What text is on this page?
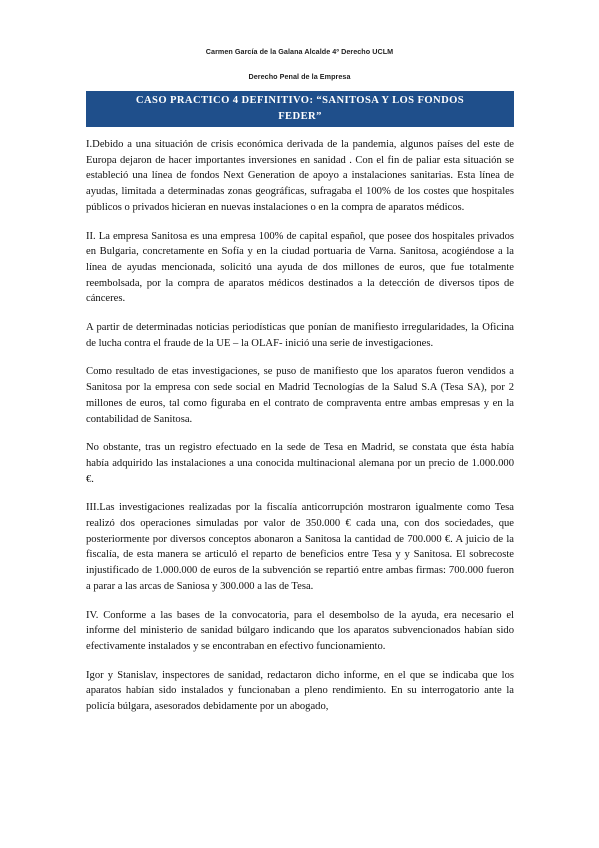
Carmen García de la Galana Alcalde 4º Derecho UCLM
Derecho Penal de la Empresa
CASO PRACTICO 4 DEFINITIVO: “SANITOSA Y LOS FONDOS
FEDER”

I.Debido a una situación de crisis económica derivada de la pandemia, algunos países del este de Europa dejaron de hacer importantes inversiones en sanidad . Con el fin de paliar esta situación se estableció una línea de fondos Next Generation de apoyo a instalaciones sanitarias. Esta línea de ayudas, limitada a determinadas zonas geográficas, sufragaba el 100% de los costes que hospitales públicos o privados hicieran en nuevas instalaciones o en la compra de aparatos médicos.

II. La empresa Sanitosa es una empresa 100% de capital español, que posee dos hospitales privados en Bulgaria, concretamente en Sofía y en la ciudad portuaria de Varna. Sanitosa, acogiéndose a la línea de ayudas mencionada, solicitó una ayuda de dos millones de euros, que fue totalmente reembolsada, por la compra de aparatos médicos destinados a la detección de diversos tipos de cánceres.

A partir de determinadas noticias periodísticas que ponían de manifiesto irregularidades, la Oficina de lucha contra el fraude de la UE – la OLAF- inició una serie de investigaciones.

Como resultado de etas investigaciones, se puso de manifiesto que los aparatos fueron vendidos a Sanitosa por la empresa con sede social en Madrid Tecnologías de la Salud S.A (Tesa SA), por 2 millones de euros, tal como figuraba en el contrato de compraventa entre ambas empresas y en la contabilidad de Sanitosa.

No obstante, tras un registro efectuado en la sede de Tesa en Madrid, se constata que ésta había había adquirido las instalaciones a una conocida multinacional alemana por un precio de 1.000.000 €.

III.Las investigaciones realizadas por la fiscalía anticorrupción mostraron igualmente como Tesa realizó dos operaciones simuladas por valor de 350.000 € cada una, con dos sociedades, que posteriormente por diversos conceptos abonaron a Sanitosa la cantidad de 700.000 €. A juicio de la fiscalía, de esta manera se articuló el reparto de beneficios entre Tesa y y Sanitosa. El sobrecoste injustificado de 1.000.000 de euros de la subvención se repartió entre ambas firmas: 700.000 fueron a parar a las arcas de Saniosa y 300.000 a las de Tesa.

IV. Conforme a las bases de la convocatoria, para el desembolso de la ayuda, era necesario el informe del ministerio de sanidad búlgaro indicando que los aparatos subvencionados habían sido efectivamente instalados y se encontraban en efectivo funcionamiento.

Igor y Stanislav, inspectores de sanidad, redactaron dicho informe, en el que se indicaba que los aparatos habían sido instalados y funcionaban a pleno rendimiento. En su interrogatorio ante la policía búlgara, asesorados debidamente por un abogado,
